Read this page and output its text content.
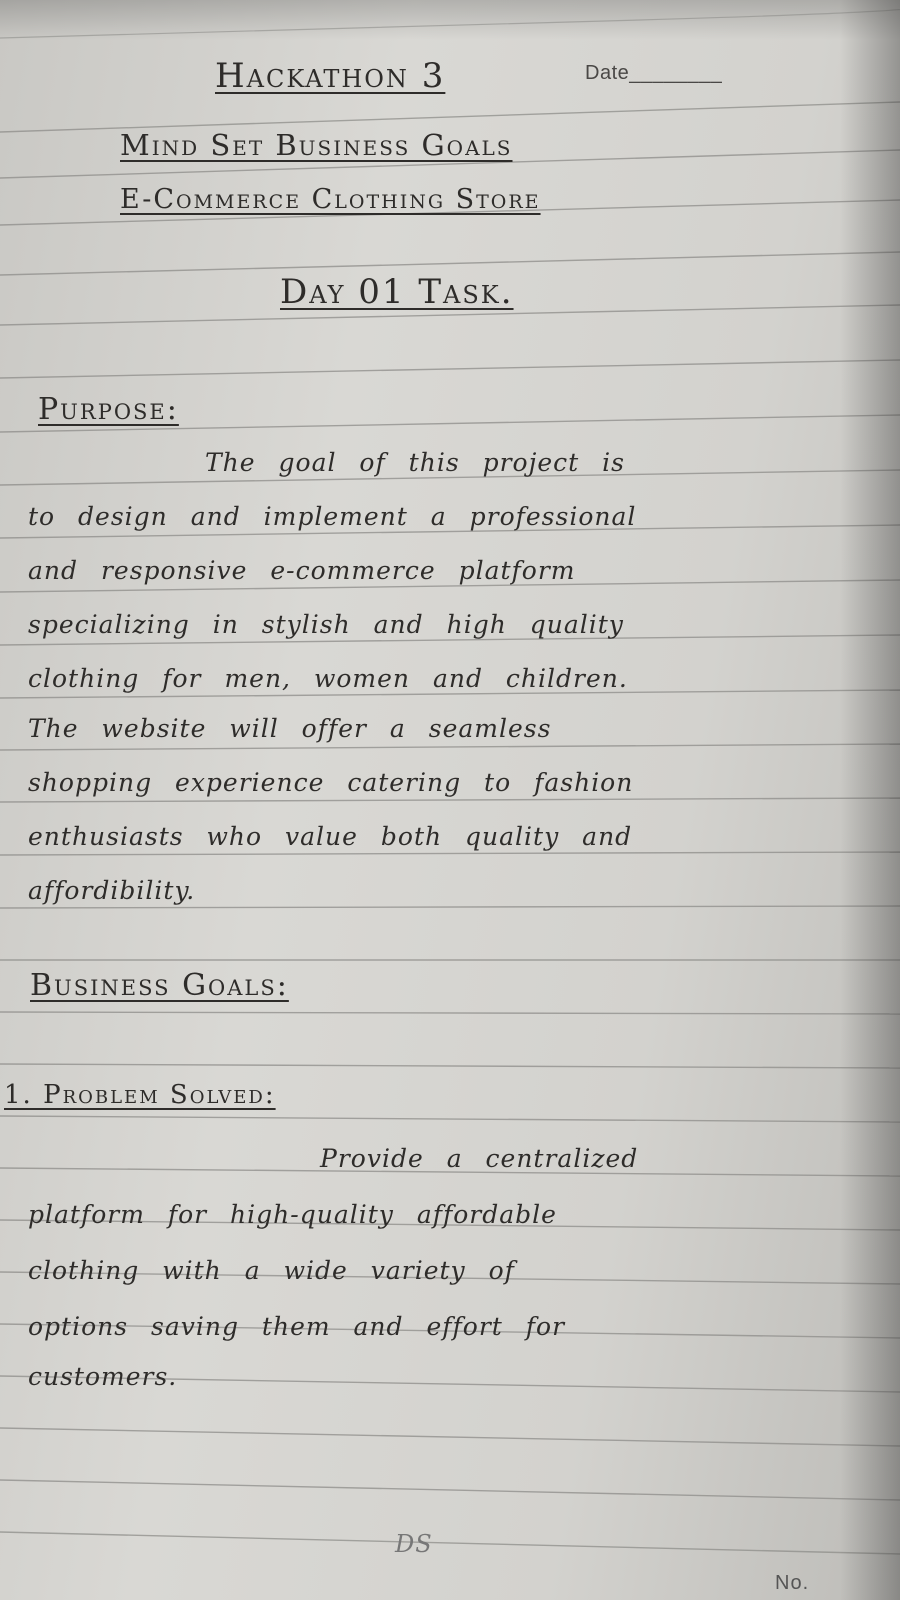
Hackathon 3	Date________

Mind Set Business Goals

E-Commerce Clothing Store

Day 01 Task.

Purpose:

The goal of this project is

to design and implement a professional

and responsive e-commerce platform

specializing in stylish and high quality

clothing for men, women and children.

The website will offer a seamless

shopping experience catering to fashion

enthusiasts who value both quality and

affordibility.

Business Goals:

1. Problem Solved:

Provide a centralized

platform for high-quality affordable

clothing with a wide variety of

options saving them and effort for

customers.

DS

No.
